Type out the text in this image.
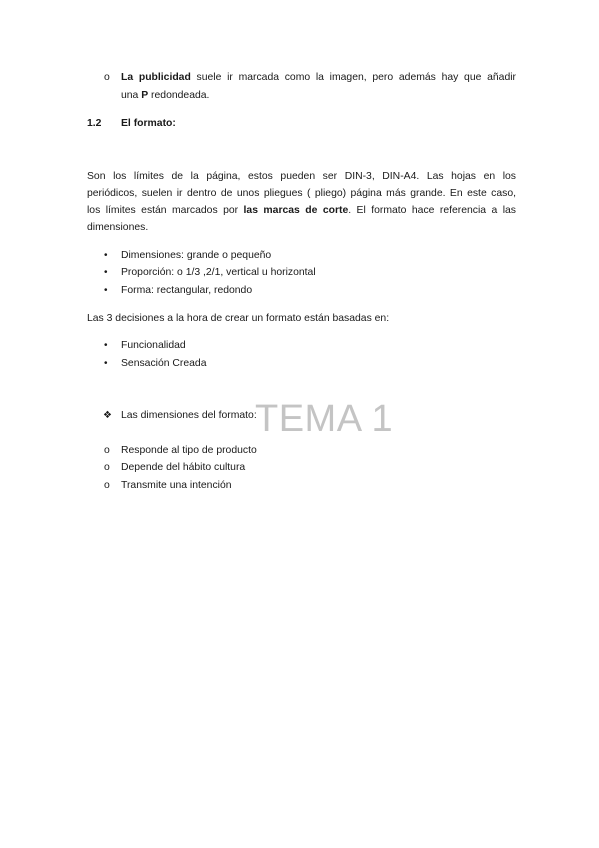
o La publicidad suele ir marcada como la imagen, pero además hay que añadir
una P redondeada.
1.2 El formato:
Son  los  límites  de  la  página,  estos  pueden  ser  DIN-3,  DIN-A4.  Las  hojas  en  los
periódicos, suelen ir dentro de unos pliegues ( pliego) página más grande. En este caso,
los límites están marcados por las marcas de corte. El formato hace referencia a las
dimensiones.
• Dimensiones: grande o pequeño
• Proporción: o 1/3 ,2/1, vertical u horizontal
• Forma: rectangular, redondo
Las 3 decisiones a la hora de crear un formato están basadas en:
• Funcionalidad
• Sensación Creada
TEMA 1
❖ Las dimensiones del formato:
o Responde al tipo de producto
o Depende del hábito cultura
o Transmite una intención
